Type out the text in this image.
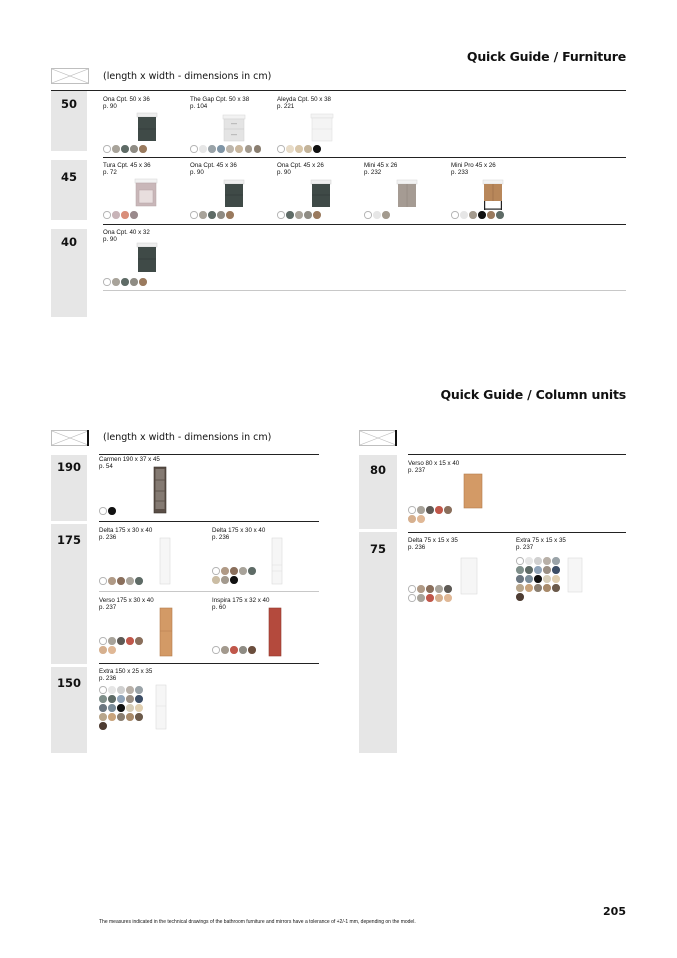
Quick Guide / Furniture
(length x width - dimensions in cm)
50
45
40
Ona Cpt. 50 x 36
p. 90
The Gap Cpt. 50 x 38
p. 104
Aleyda Cpt. 50 x 38
p. 221
Tura Cpt. 45 x 36
p. 72
Ona Cpt. 45 x 36
p. 90
Ona Cpt. 45 x 26
p. 90
Mini 45 x 26
p. 232
Mini Pro 45 x 26
p. 233
Ona Cpt. 40 x 32
p. 90
Quick Guide / Column units
(length x width - dimensions in cm)
190
175
150
80
75
Carmen 190 x 37 x 45
p. 54
Delta 175 x 30 x 40
p. 236
Delta 175 x 30 x 40
p. 236
Verso 175 x 30 x 40
p. 237
Inspira 175 x 32 x 40
p. 60
Extra 150 x 25 x 35
p. 236
Verso 80 x 15 x 40
p. 237
Delta 75 x 15 x 35
p. 236
Extra 75 x 15 x 35
p. 237
205
The measures indicated in the technical drawings of the bathroom furniture and mirrors have a tolerance of +2/-1 mm, depending on the model.
